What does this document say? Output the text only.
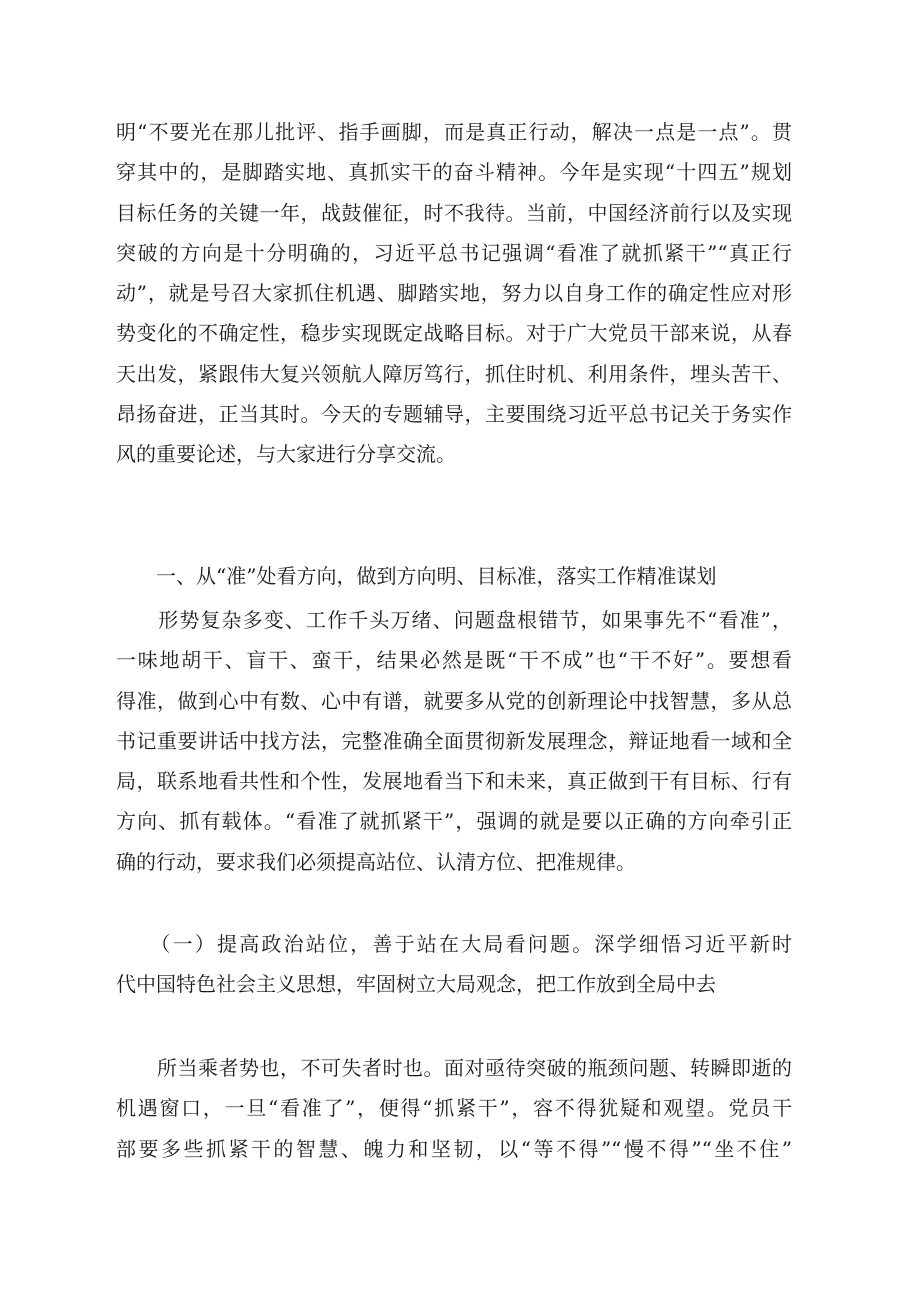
明“不要光在那儿批评、指手画脚，而是真正行动，解决一点是一点”。贯
穿其中的，是脚踏实地、真抓实干的奋斗精神。今年是实现“十四五”规划
目标任务的关键一年，战鼓催征，时不我待。当前，中国经济前行以及实现
突破的方向是十分明确的，习近平总书记强调“看准了就抓紧干”“真正行
动”，就是号召大家抓住机遇、脚踏实地，努力以自身工作的确定性应对形
势变化的不确定性，稳步实现既定战略目标。对于广大党员干部来说，从春
天出发，紧跟伟大复兴领航人障厉笃行，抓住时机、利用条件，埋头苦干、
昂扬奋进，正当其时。今天的专题辅导，主要围绕习近平总书记关于务实作
风的重要论述，与大家进行分享交流。
　　一、从“准”处看方向，做到方向明、目标准，落实工作精准谋划
　　形势复杂多变、工作千头万绪、问题盘根错节，如果事先不“看准”，
一味地胡干、盲干、蛮干，结果必然是既“干不成”也“干不好”。要想看
得准，做到心中有数、心中有谱，就要多从党的创新理论中找智慧，多从总
书记重要讲话中找方法，完整准确全面贯彻新发展理念，辩证地看一域和全
局，联系地看共性和个性，发展地看当下和未来，真正做到干有目标、行有
方向、抓有载体。“看准了就抓紧干”，强调的就是要以正确的方向牵引正
确的行动，要求我们必须提高站位、认清方位、把准规律。
　　（一）提高政治站位，善于站在大局看问题。深学细悟习近平新时
代中国特色社会主义思想，牢固树立大局观念，把工作放到全局中去
　　所当乘者势也，不可失者时也。面对亟待突破的瓶颈问题、转瞬即逝的
机遇窗口，一旦“看准了”，便得“抓紧干”，容不得犹疑和观望。党员干
部要多些抓紧干的智慧、魄力和坚韧，以“等不得”“慢不得”“坐不住”
